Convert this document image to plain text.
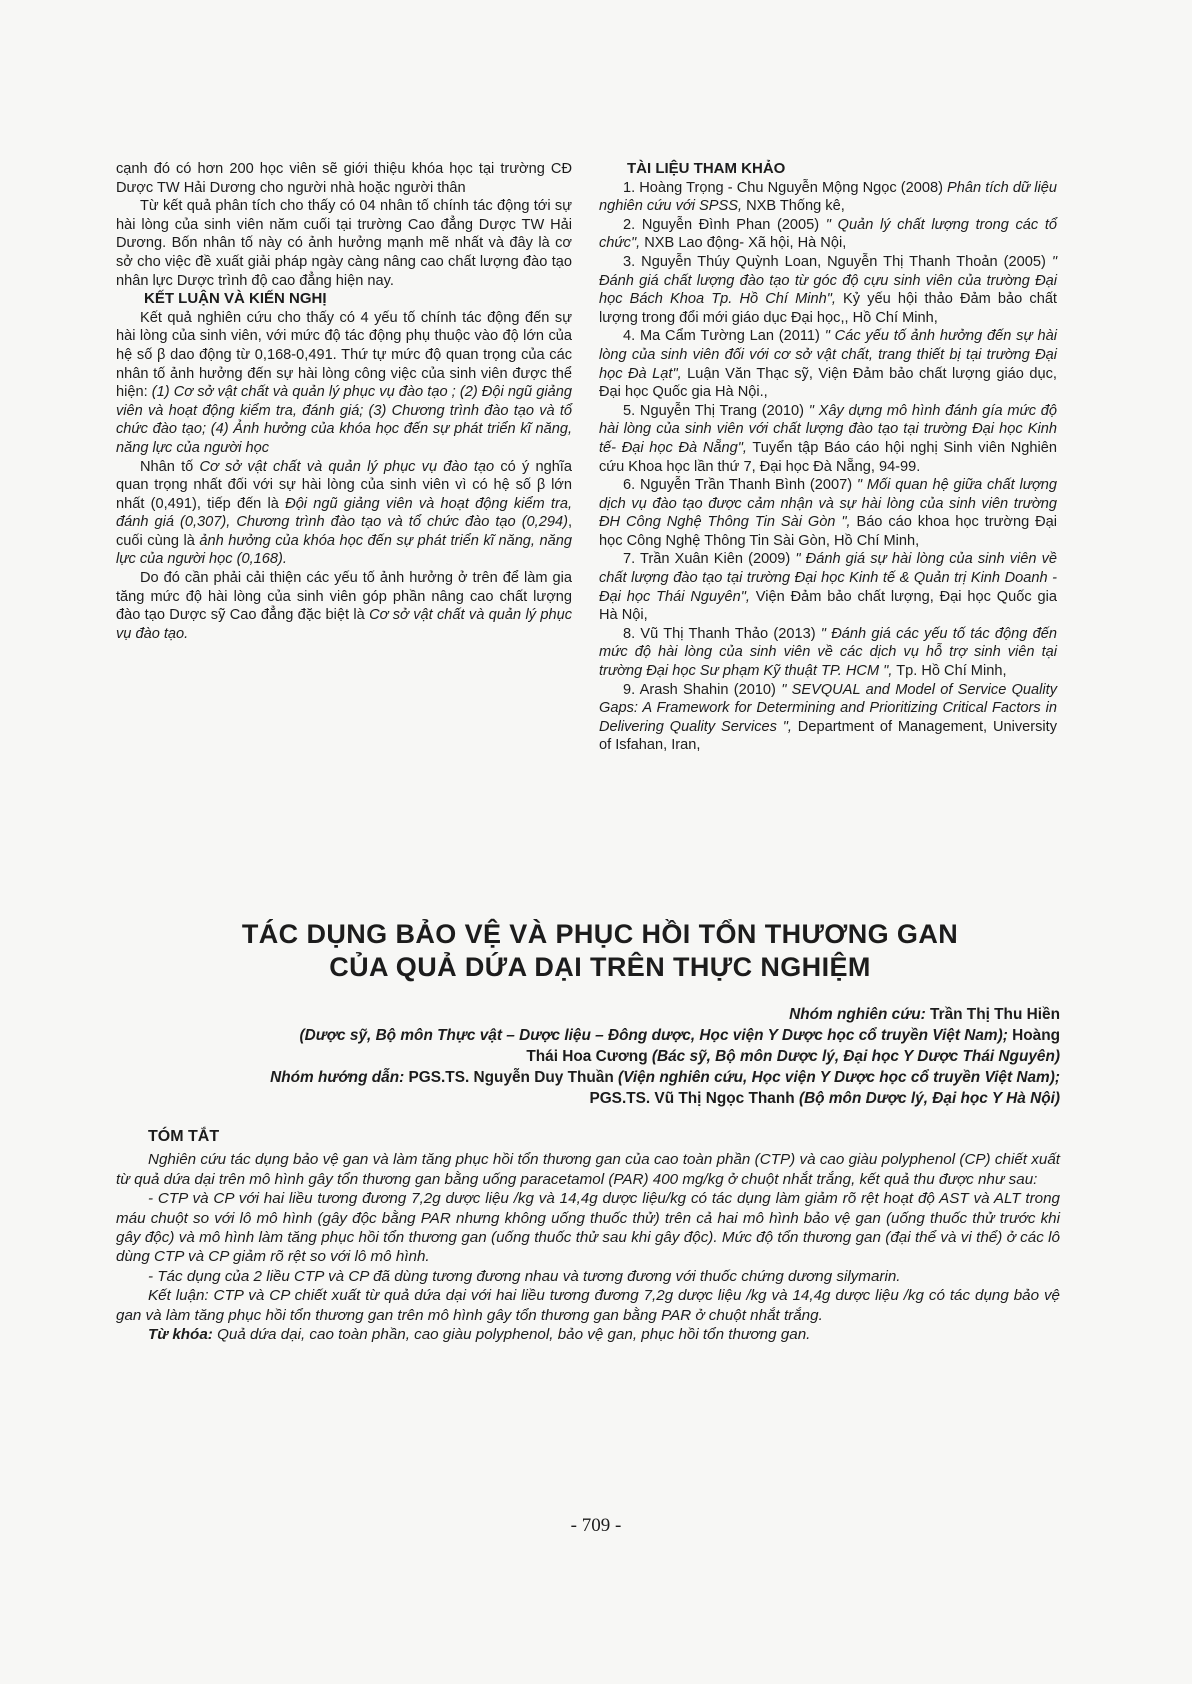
cạnh đó có hơn 200 học viên sẽ giới thiệu khóa học tại trường CĐ Dược TW Hải Dương cho người nhà hoặc người thân

Từ kết quả phân tích cho thấy có 04 nhân tố chính tác động tới sự hài lòng của sinh viên năm cuối tại trường Cao đẳng Dược TW Hải Dương. Bốn nhân tố này có ảnh hưởng mạnh mẽ nhất và đây là cơ sở cho việc đề xuất giải pháp ngày càng nâng cao chất lượng đào tạo nhân lực Dược trình độ cao đẳng hiện nay.

KẾT LUẬN VÀ KIẾN NGHỊ

Kết quả nghiên cứu cho thấy có 4 yếu tố chính tác động đến sự hài lòng của sinh viên, với mức độ tác động phụ thuộc vào độ lớn của hệ số β dao động từ 0,168-0,491. Thứ tự mức độ quan trọng của các nhân tố ảnh hưởng đến sự hài lòng công việc của sinh viên được thể hiện: (1) Cơ sở vật chất và quản lý phục vụ đào tạo ; (2) Đội ngũ giảng viên và hoạt động kiểm tra, đánh giá; (3) Chương trình đào tạo và tổ chức đào tạo; (4) Ảnh hưởng của khóa học đến sự phát triển kĩ năng, năng lực của người học

Nhân tố Cơ sở vật chất và quản lý phục vụ đào tạo có ý nghĩa quan trọng nhất đối với sự hài lòng của sinh viên vì có hệ số β lớn nhất (0,491), tiếp đến là Đội ngũ giảng viên và hoạt động kiểm tra, đánh giá (0,307), Chương trình đào tạo và tổ chức đào tạo (0,294), cuối cùng là ảnh hưởng của khóa học đến sự phát triển kĩ năng, năng lực của người học (0,168).

Do đó cần phải cải thiện các yếu tố ảnh hưởng ở trên để làm gia tăng mức độ hài lòng của sinh viên góp phần nâng cao chất lượng đào tạo Dược sỹ Cao đẳng đặc biệt là Cơ sở vật chất và quản lý phục vụ đào tạo.

TÀI LIỆU THAM KHẢO

1. Hoàng Trọng - Chu Nguyễn Mộng Ngọc (2008) Phân tích dữ liệu nghiên cứu với SPSS, NXB Thống kê,

2. Nguyễn Đình Phan (2005) " Quản lý chất lượng trong các tổ chức", NXB Lao động- Xã hội, Hà Nội,

3. Nguyễn Thúy Quỳnh Loan, Nguyễn Thị Thanh Thoản (2005) " Đánh giá chất lượng đào tạo từ góc độ cựu sinh viên của trường Đại học Bách Khoa Tp. Hồ Chí Minh", Kỷ yếu hội thảo Đảm bảo chất lượng trong đổi mới giáo dục Đại học,, Hồ Chí Minh,

4. Ma Cẩm Tường Lan (2011) " Các yếu tố ảnh hưởng đến sự hài lòng của sinh viên đối với cơ sở vật chất, trang thiết bị tại trường Đại học Đà Lạt", Luận Văn Thạc sỹ, Viện Đảm bảo chất lượng giáo dục, Đại học Quốc gia Hà Nội.,

5. Nguyễn Thị Trang (2010) " Xây dựng mô hình đánh gía mức độ hài lòng của sinh viên với chất lượng đào tạo tại trường Đại học Kinh tế- Đại học Đà Nẵng", Tuyển tập Báo cáo hội nghị Sinh viên Nghiên cứu Khoa học lần thứ 7, Đại học Đà Nẵng, 94-99.

6. Nguyễn Trần Thanh Bình (2007) " Mối quan hệ giữa chất lượng dịch vụ đào tạo được cảm nhận và sự hài lòng của sinh viên trường ĐH Công Nghệ Thông Tin Sài Gòn ", Báo cáo khoa học trường Đại học Công Nghệ Thông Tin Sài Gòn, Hồ Chí Minh,

7. Trần Xuân Kiên (2009) " Đánh giá sự hài lòng của sinh viên về chất lượng đào tạo tại trường Đại học Kinh tế & Quản trị Kinh Doanh - Đại học Thái Nguyên", Viện Đảm bảo chất lượng, Đại học Quốc gia Hà Nội,

8. Vũ Thị Thanh Thảo (2013) " Đánh giá các yếu tố tác động đến mức độ hài lòng của sinh viên về các dịch vụ hỗ trợ sinh viên tại trường Đại học Sư phạm Kỹ thuật TP. HCM ", Tp. Hồ Chí Minh,

9. Arash Shahin (2010) " SEVQUAL and Model of Service Quality Gaps: A Framework for Determining and Prioritizing Critical Factors in Delivering Quality Services ", Department of Management, University of Isfahan, Iran,

TÁC DỤNG BẢO VỆ VÀ PHỤC HỒI TỔN THƯƠNG GAN
CỦA QUẢ DỨA DẠI TRÊN THỰC NGHIỆM
Nhóm nghiên cứu: Trần Thị Thu Hiền
(Dược sỹ, Bộ môn Thực vật – Dược liệu – Đông dược, Học viện Y Dược học cổ truyền Việt Nam); Hoàng
Thái Hoa Cương (Bác sỹ, Bộ môn Dược lý, Đại học Y Dược Thái Nguyên)
Nhóm hướng dẫn: PGS.TS. Nguyễn Duy Thuần (Viện nghiên cứu, Học viện Y Dược học cổ truyền Việt Nam);
PGS.TS. Vũ Thị Ngọc Thanh (Bộ môn Dược lý, Đại học Y Hà Nội)
TÓM TẮT

Nghiên cứu tác dụng bảo vệ gan và làm tăng phục hồi tổn thương gan của cao toàn phần (CTP) và cao giàu polyphenol (CP) chiết xuất từ quả dứa dại trên mô hình gây tổn thương gan bằng uống paracetamol (PAR) 400 mg/kg ở chuột nhắt trắng, kết quả thu được như sau:

- CTP và CP với hai liều tương đương 7,2g dược liệu /kg và 14,4g dược liệu/kg có tác dụng làm giảm rõ rệt hoạt độ AST và ALT trong máu chuột so với lô mô hình (gây độc bằng PAR nhưng không uống thuốc thử) trên cả hai mô hình bảo vệ gan (uống thuốc thử trước khi gây độc) và mô hình làm tăng phục hồi tổn thương gan (uống thuốc thử sau khi gây độc). Mức độ tổn thương gan (đại thể và vi thể) ở các lô dùng CTP và CP giảm rõ rệt so với lô mô hình.

- Tác dụng của 2 liều CTP và CP đã dùng tương đương nhau và tương đương với thuốc chứng dương silymarin.

Kết luận: CTP và CP chiết xuất từ quả dứa dại với hai liều tương đương 7,2g dược liệu /kg và 14,4g dược liệu /kg có tác dụng bảo vệ gan và làm tăng phục hồi tổn thương gan trên mô hình gây tổn thương gan bằng PAR ở chuột nhắt trắng.

Từ khóa: Quả dứa dại, cao toàn phần, cao giàu polyphenol, bảo vệ gan, phục hồi tổn thương gan.

- 709 -
